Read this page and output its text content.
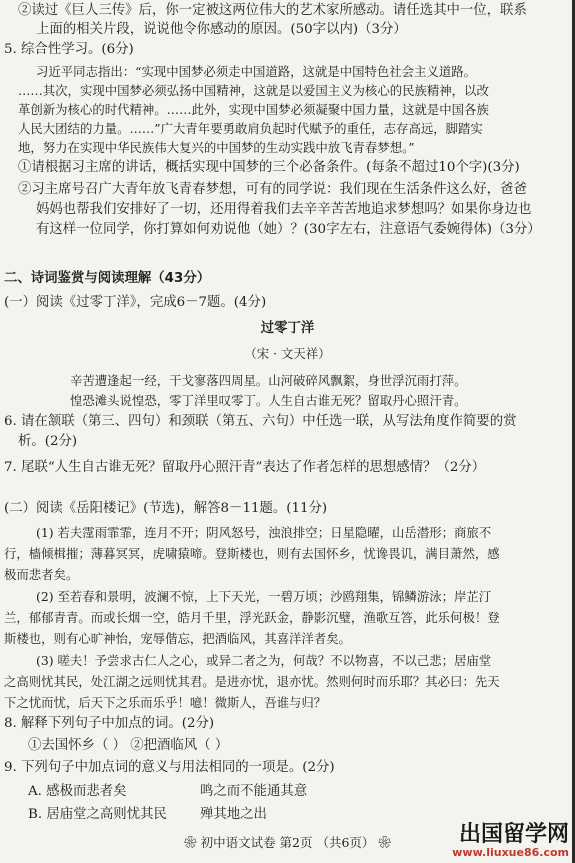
②读过《巨人三传》后，你一定被这两位伟大的艺术家所感动。请任选其中一位，联系
上面的相关片段，说说他令你感动的原因。(50字以内)（3分）
5. 综合性学习。(6分)
习近平同志指出：“实现中国梦必须走中国道路，这就是中国特色社会主义道路。
……其次，实现中国梦必须弘扬中国精神，这就是以爱国主义为核心的民族精神，以改
革创新为核心的时代精神。……此外，实现中国梦必须凝聚中国力量，这就是中国各族
人民大团结的力量。……”广大青年要勇敢肩负起时代赋予的重任，志存高远，脚踏实
地，努力在实现中华民族伟大复兴的中国梦的生动实践中放飞青春梦想。”
①请根据习主席的讲话，概括实现中国梦的三个必备条件。(每条不超过10个字)(3分)
②习主席号召广大青年放飞青春梦想，可有的同学说：我们现在生活条件这么好，爸爸
妈妈也帮我们安排好了一切，还用得着我们去辛辛苦苦地追求梦想吗？如果你身边也
有这样一位同学，你打算如何劝说他（她）？(30字左右，注意语气委婉得体)（3分）
二、诗词鉴赏与阅读理解（43分）
(一）阅读《过零丁洋》，完成6－7题。(4分)
过零丁洋
（宋 · 文天祥）
辛苦遭逢起一经，干戈寥落四周星。山河破碎风飘絮，身世浮沉雨打萍。
惶恐滩头说惶恐，零丁洋里叹零丁。人生自古谁无死？留取丹心照汗青。
6. 请在颔联（第三、四句）和颈联（第五、六句）中任选一联，从写法角度作简要的赏
析。(2分)
7. 尾联“人生自古谁无死？留取丹心照汗青”表达了作者怎样的思想感情？（2分）
(二）阅读《岳阳楼记》(节选)，解答8－11题。(11分)
(1) 若夫霪雨霏霏，连月不开；阴风怒号，浊浪排空；日星隐曜，山岳潜形；商旅不
行，樯倾楫摧；薄暮冥冥，虎啸猿啼。登斯楼也，则有去国怀乡，忧谗畏讥，满目萧然，感
极而悲者矣。
(2) 至若春和景明，波澜不惊，上下天光，一碧万顷；沙鸥翔集，锦鳞游泳；岸芷汀
兰，郁郁青青。而或长烟一空，皓月千里，浮光跃金，静影沉璧，渔歌互答，此乐何极！登
斯楼也，则有心旷神怡，宠辱偕忘，把酒临风，其喜洋洋者矣。
(3) 嗟夫！予尝求古仁人之心，或异二者之为，何哉？不以物喜，不以己悲；居庙堂
之高则忧其民，处江湖之远则忧其君。是进亦忧，退亦忧。然则何时而乐耶？其必曰：先天
下之忧而忧，后天下之乐而乐乎！噫！微斯人，吾谁与归？
8. 解释下列句子中加点的词。(2分)
①去国怀乡（ ） ②把酒临风（ ）
9. 下列句子中加点词的意义与用法相同的一项是。(2分)
A. 感极而悲者矣	鸣之而不能通其意
B. 居庙堂之高则忧其民 殚其地之出
❀ 初中语文试卷 第2页 （共6页） ❀	出国留学网
www.liuxue86.com
